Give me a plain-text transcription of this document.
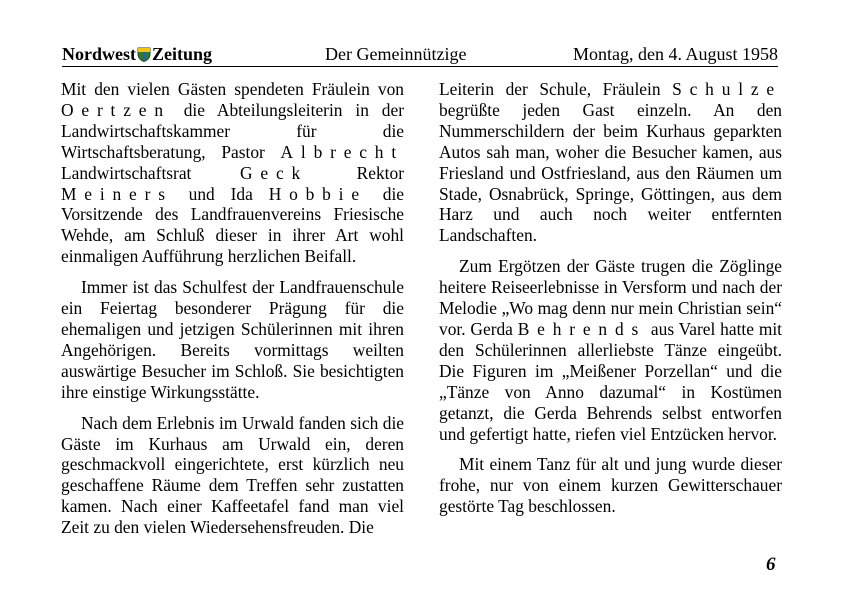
Nordwest Zeitung	Der Gemeinnützige	Montag, den 4. August 1958

Mit den vielen Gästen spendeten Fräulein von Oertzen die Abteilungsleiterin in der Landwirtschaftskammer für die Wirtschaftsberatung, Pastor Albrecht Landwirtschaftsrat Geck Rektor Meiners und Ida Hobbie die Vorsitzende des Landfrauenvereins Friesische Wehde, am Schluß dieser in ihrer Art wohl einmaligen Aufführung herzlichen Beifall.

Immer ist das Schulfest der Landfrauenschule ein Feiertag besonderer Prägung für die ehemaligen und jetzigen Schülerinnen mit ihren Angehörigen. Bereits vormittags weilten auswärtige Besucher im Schloß. Sie besichtigten ihre einstige Wirkungsstätte.

Nach dem Erlebnis im Urwald fanden sich die Gäste im Kurhaus am Urwald ein, deren geschmackvoll eingerichtete, erst kürzlich neu geschaffene Räume dem Treffen sehr zustatten kamen. Nach einer Kaffeetafel fand man viel Zeit zu den vielen Wiedersehensfreuden. Die

Leiterin der Schule, Fräulein Schulze begrüßte jeden Gast einzeln. An den Nummerschildern der beim Kurhaus geparkten Autos sah man, woher die Besucher kamen, aus Friesland und Ostfriesland, aus den Räumen um Stade, Osnabrück, Springe, Göttingen, aus dem Harz und auch noch weiter entfernten Landschaften.

Zum Ergötzen der Gäste trugen die Zöglinge heitere Reiseerlebnisse in Versform und nach der Melodie „Wo mag denn nur mein Christian sein“ vor. Gerda Behrends aus Varel hatte mit den Schülerinnen allerliebste Tänze eingeübt. Die Figuren im „Meißener Porzellan“ und die „Tänze von Anno dazumal“ in Kostümen getanzt, die Gerda Behrends selbst entworfen und gefertigt hatte, riefen viel Entzücken hervor.

Mit einem Tanz für alt und jung wurde dieser frohe, nur von einem kurzen Gewitterschauer gestörte Tag beschlossen.

6
